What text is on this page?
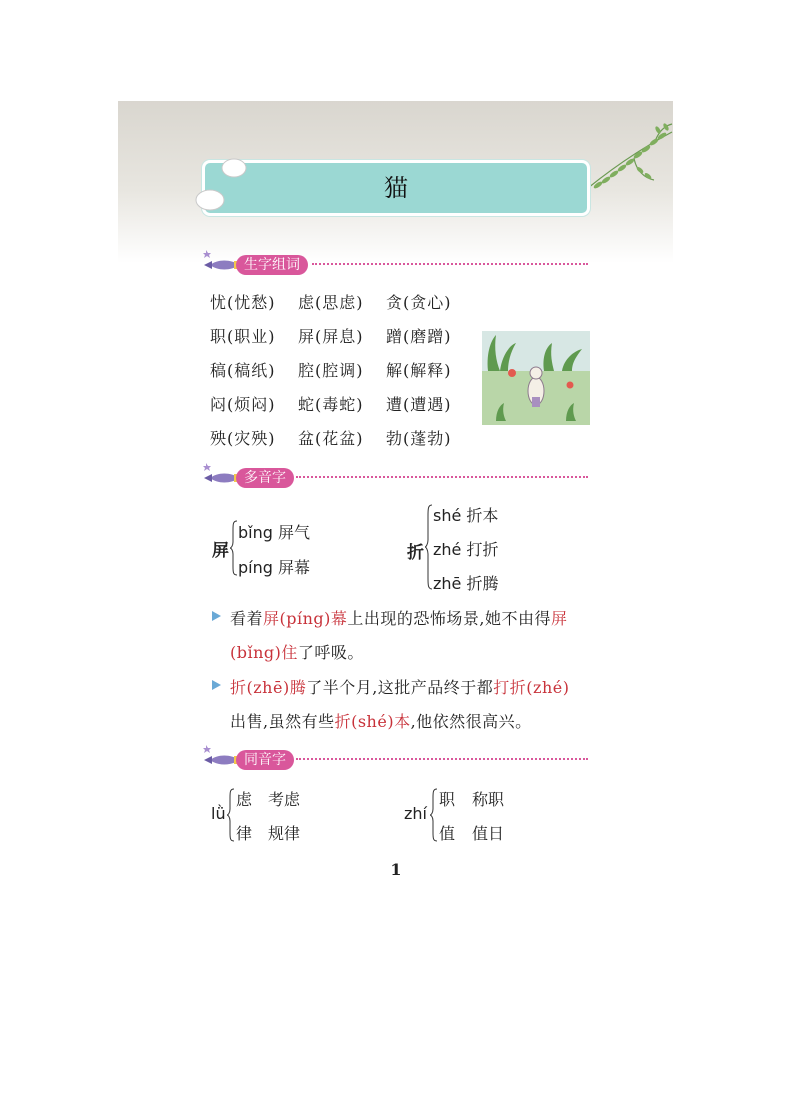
猫
生字组词
忧(忧愁) 虑(思虑) 贪(贪心)
职(职业) 屏(屏息) 蹭(磨蹭)
稿(稿纸) 腔(腔调) 解(解释)
闷(烦闷) 蛇(毒蛇) 遭(遭遇)
殃(灾殃) 盆(花盆) 勃(蓬勃)
多音字
屏
bǐng 屏气
píng 屏幕
折
shé 折本
zhé 打折
zhē 折腾
看着屏(píng)幕上出现的恐怖场景,她不由得屏
(bǐng)住了呼吸。
折(zhē)腾了半个月,这批产品终于都打折(zhé)
出售,虽然有些折(shé)本,他依然很高兴。
同音字
lǜ
虑 考虑
律 规律
zhí
职 称职
值 值日
1
